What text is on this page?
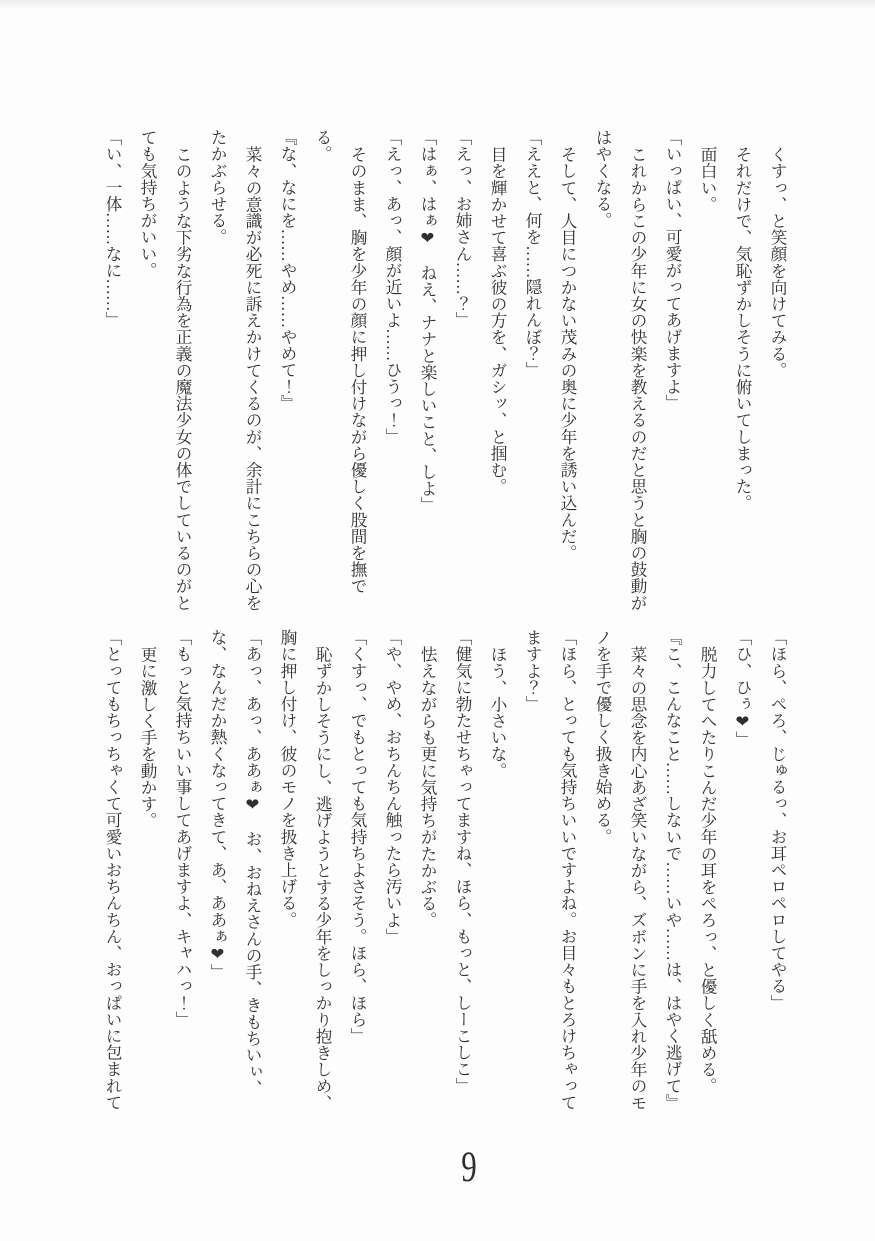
くすっ、と笑顔を向けてみる。

それだけで、気恥ずかしそうに俯いてしまった。

面白い。

「いっぱい、可愛がってあげますよ」

これからこの少年に女の快楽を教えるのだと思うと胸の鼓動が

はやくなる。

そして、人目につかない茂みの奥に少年を誘い込んだ。

「ええと、何を……隠れんぼ？」

目を輝かせて喜ぶ彼の方を、ガシッ、と掴む。

「えっ、お姉さん……？」

「はぁ、はぁ❤　ねえ、ナナと楽しいこと、しよ」

「えっ、あっ、顔が近いよ……ひうっ！」

そのまま、胸を少年の顔に押し付けながら優しく股間を撫で

る。

『な、なにを……やめ……やめて！』

菜々の意識が必死に訴えかけてくるのが、余計にこちらの心を

たかぶらせる。

このような下劣な行為を正義の魔法少女の体でしているのがと

ても気持ちがいい。

「い、一体……なに……」

「ほら、ぺろ、じゅるっ、お耳ペロペロしてやる」

「ひ、ひぅ❤」

脱力してへたりこんだ少年の耳をぺろっ、と優しく舐める。

『こ、こんなこと……しないで……いや……は、はやく逃げて』

菜々の思念を内心あざ笑いながら、ズボンに手を入れ少年のモ

ノを手で優しく扱き始める。

「ほら、とっても気持ちいいですよね。お目々もとろけちゃって

ますよ？」

ほう、小さいな。

「健気に勃たせちゃってますね、ほら、もっと、しーこしこ」

怯えながらも更に気持ちがたかぶる。

「や、やめ、おちんちん触ったら汚いよ」

「くすっ、でもとっても気持ちよさそう。ほら、ほら」

恥ずかしそうにし、逃げようとする少年をしっかり抱きしめ、

胸に押し付け、彼のモノを扱き上げる。

「あっ、あっ、ああぁ❤　お、おねえさんの手、きもちいぃ、

な、なんだか熱くなってきて、あ、ああぁ❤」

「もっと気持ちいい事してあげますよ、キャハっ！」

更に激しく手を動かす。

「とってもちっちゃくて可愛いおちんちん、おっぱいに包まれて

9
